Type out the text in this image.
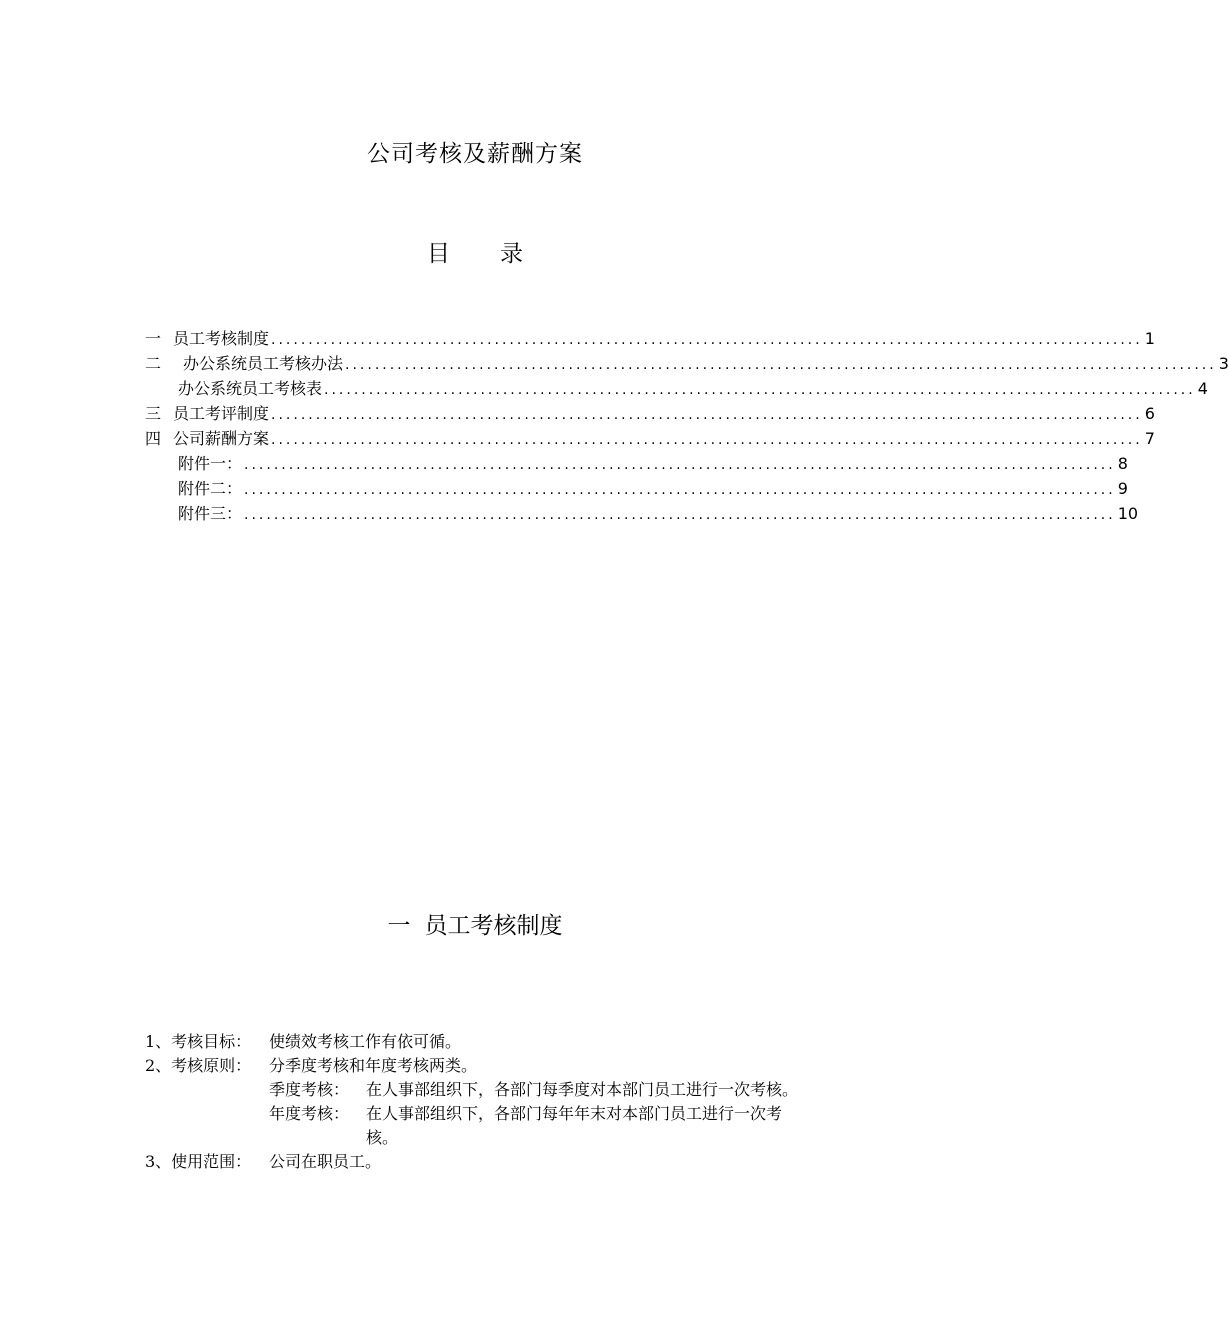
公司考核及薪酬方案
目 录
一 员工考核制度 ..................................................................................................................... 1
二	办公系统员工考核办法 ..................................................................................................................... 3
办公系统员工考核表 ..................................................................................................................... 4
三 员工考评制度 ..................................................................................................................... 6
四 公司薪酬方案 ..................................................................................................................... 7
附件一： ..................................................................................................................... 8
附件二： ..................................................................................................................... 9
附件三： ..................................................................................................................... 10
一 员工考核制度
1、考核目标：	使绩效考核工作有依可循。
2、考核原则：	分季度考核和年度考核两类。
季度考核：	在人事部组织下，各部门每季度对本部门员工进行一次考核。
年度考核：	在人事部组织下，各部门每年年末对本部门员工进行一次考核。
3、使用范围：	公司在职员工。
